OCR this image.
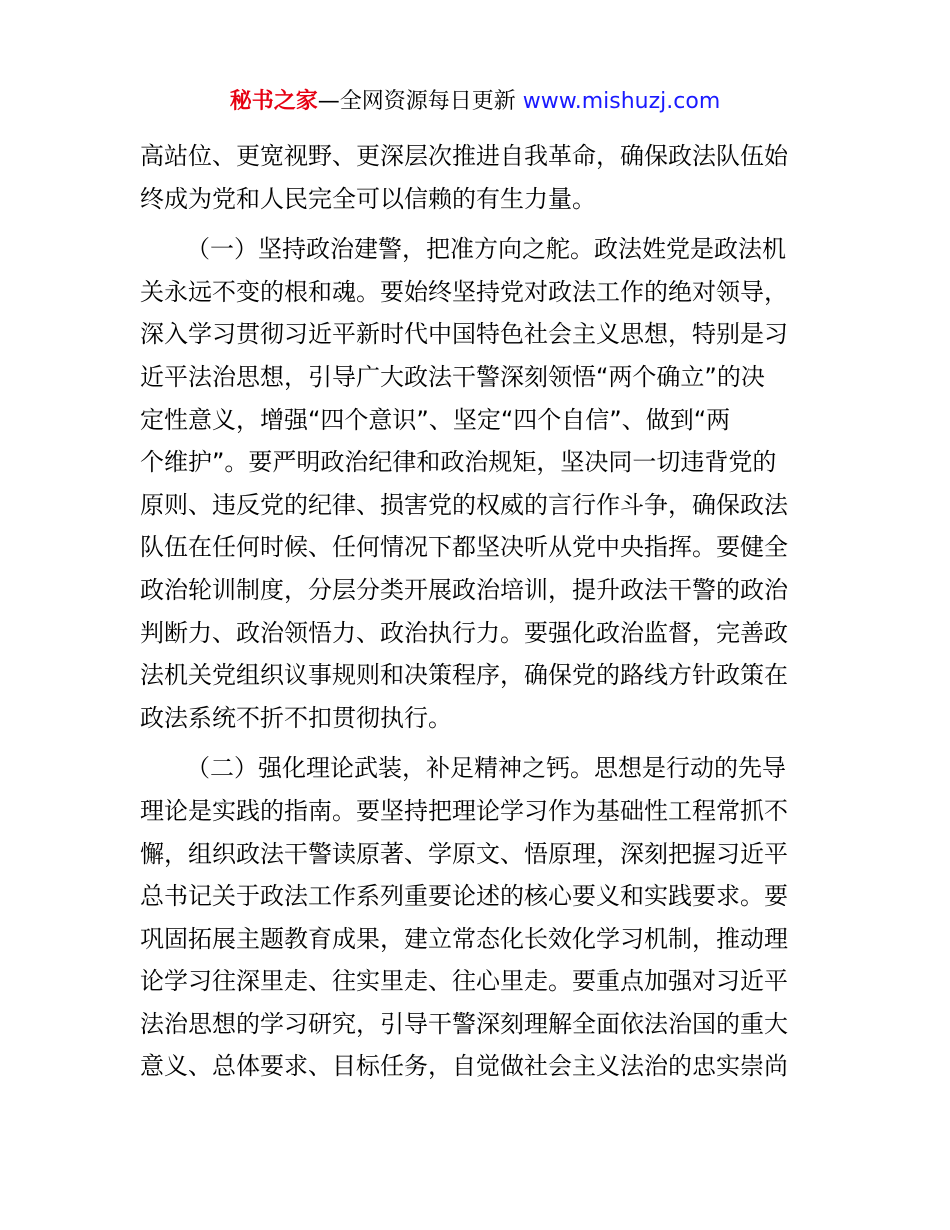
秘书之家—全网资源每日更新 www.mishuzj.com
高站位、更宽视野、更深层次推进自我革命，确保政法队伍始
终成为党和人民完全可以信赖的有生力量。
（一）坚持政治建警，把准方向之舵。政法姓党是政法机
关永远不变的根和魂。要始终坚持党对政法工作的绝对领导，
深入学习贯彻习近平新时代中国特色社会主义思想，特别是习
近平法治思想，引导广大政法干警深刻领悟“两个确立”的决
定性意义，增强“四个意识”、坚定“四个自信”、做到“两
个维护”。要严明政治纪律和政治规矩，坚决同一切违背党的
原则、违反党的纪律、损害党的权威的言行作斗争，确保政法
队伍在任何时候、任何情况下都坚决听从党中央指挥。要健全
政治轮训制度，分层分类开展政治培训，提升政法干警的政治
判断力、政治领悟力、政治执行力。要强化政治监督，完善政
法机关党组织议事规则和决策程序，确保党的路线方针政策在
政法系统不折不扣贯彻执行。
（二）强化理论武装，补足精神之钙。思想是行动的先导
理论是实践的指南。要坚持把理论学习作为基础性工程常抓不
懈，组织政法干警读原著、学原文、悟原理，深刻把握习近平
总书记关于政法工作系列重要论述的核心要义和实践要求。要
巩固拓展主题教育成果，建立常态化长效化学习机制，推动理
论学习往深里走、往实里走、往心里走。要重点加强对习近平
法治思想的学习研究，引导干警深刻理解全面依法治国的重大
意义、总体要求、目标任务，自觉做社会主义法治的忠实崇尚
